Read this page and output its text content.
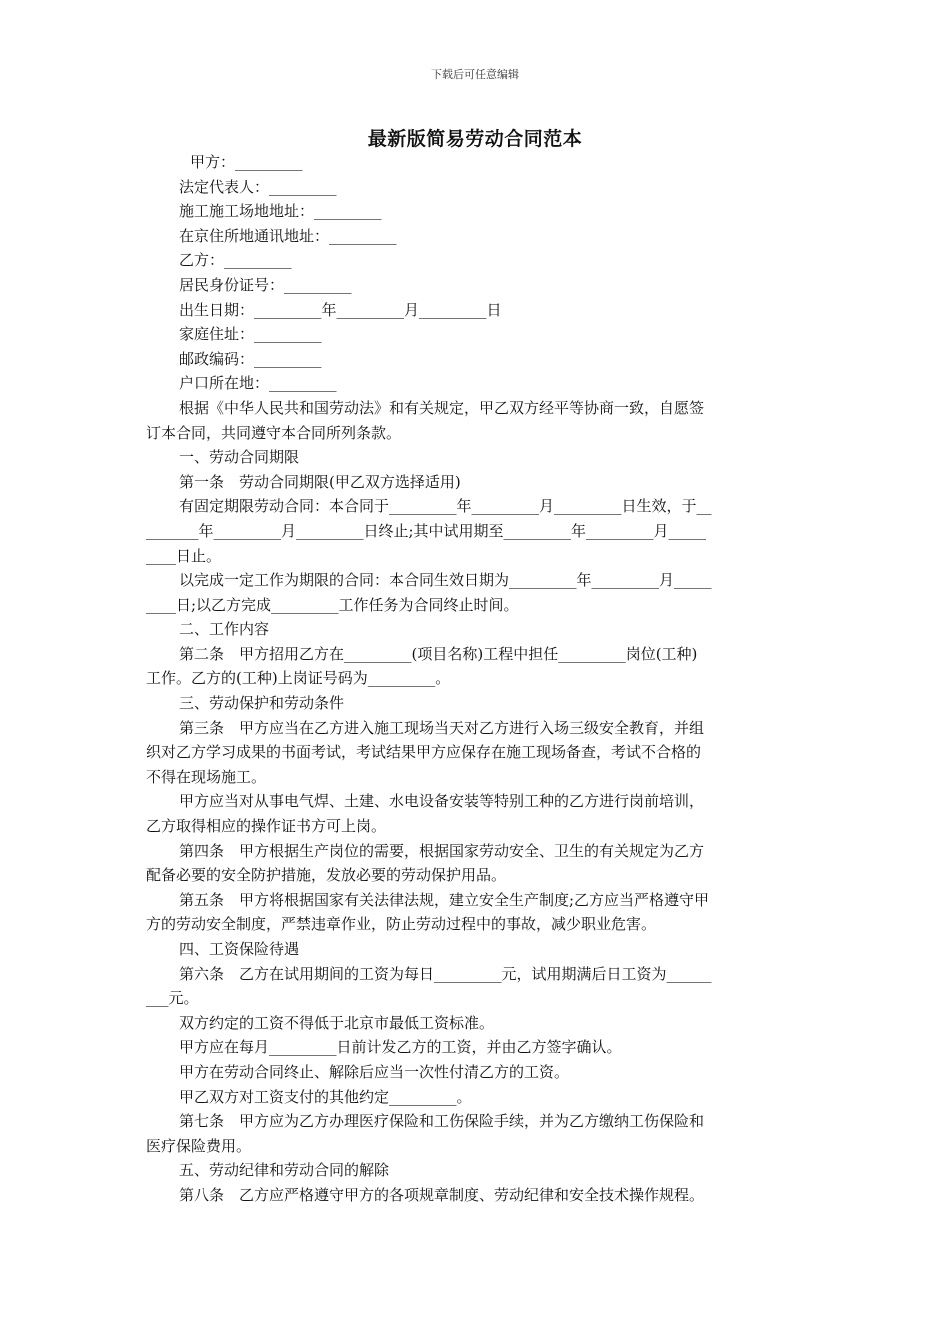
下载后可任意编辑
最新版简易劳动合同范本

甲方：_________

法定代表人：_________

施工施工场地地址：_________

在京住所地通讯地址：_________

乙方：_________

居民身份证号：_________

出生日期：_________年_________月_________日

家庭住址：_________

邮政编码：_________

户口所在地：_________

根据《中华人民共和国劳动法》和有关规定，甲乙双方经平等协商一致，自愿签

订本合同，共同遵守本合同所列条款。

一、劳动合同期限

第一条　劳动合同期限(甲乙双方选择适用)

有固定期限劳动合同：本合同于_________年_________月_________日生效，于__

_______年_________月_________日终止;其中试用期至_________年_________月_____

____日止。

以完成一定工作为期限的合同：本合同生效日期为_________年_________月_____

____日;以乙方完成_________工作任务为合同终止时间。

二、工作内容

第二条　甲方招用乙方在_________(项目名称)工程中担任_________岗位(工种)

工作。乙方的(工种)上岗证号码为_________。

三、劳动保护和劳动条件

第三条　甲方应当在乙方进入施工现场当天对乙方进行入场三级安全教育，并组

织对乙方学习成果的书面考试，考试结果甲方应保存在施工现场备查，考试不合格的

不得在现场施工。

甲方应当对从事电气焊、土建、水电设备安装等特别工种的乙方进行岗前培训，

乙方取得相应的操作证书方可上岗。

第四条　甲方根据生产岗位的需要，根据国家劳动安全、卫生的有关规定为乙方

配备必要的安全防护措施，发放必要的劳动保护用品。

第五条　甲方将根据国家有关法律法规，建立安全生产制度;乙方应当严格遵守甲

方的劳动安全制度，严禁违章作业，防止劳动过程中的事故，减少职业危害。

四、工资保险待遇

第六条　乙方在试用期间的工资为每日_________元，试用期满后日工资为______

___元。

双方约定的工资不得低于北京市最低工资标准。

甲方应在每月_________日前计发乙方的工资，并由乙方签字确认。

甲方在劳动合同终止、解除后应当一次性付清乙方的工资。

甲乙双方对工资支付的其他约定_________。

第七条　甲方应为乙方办理医疗保险和工伤保险手续，并为乙方缴纳工伤保险和

医疗保险费用。

五、劳动纪律和劳动合同的解除

第八条　乙方应严格遵守甲方的各项规章制度、劳动纪律和安全技术操作规程。
